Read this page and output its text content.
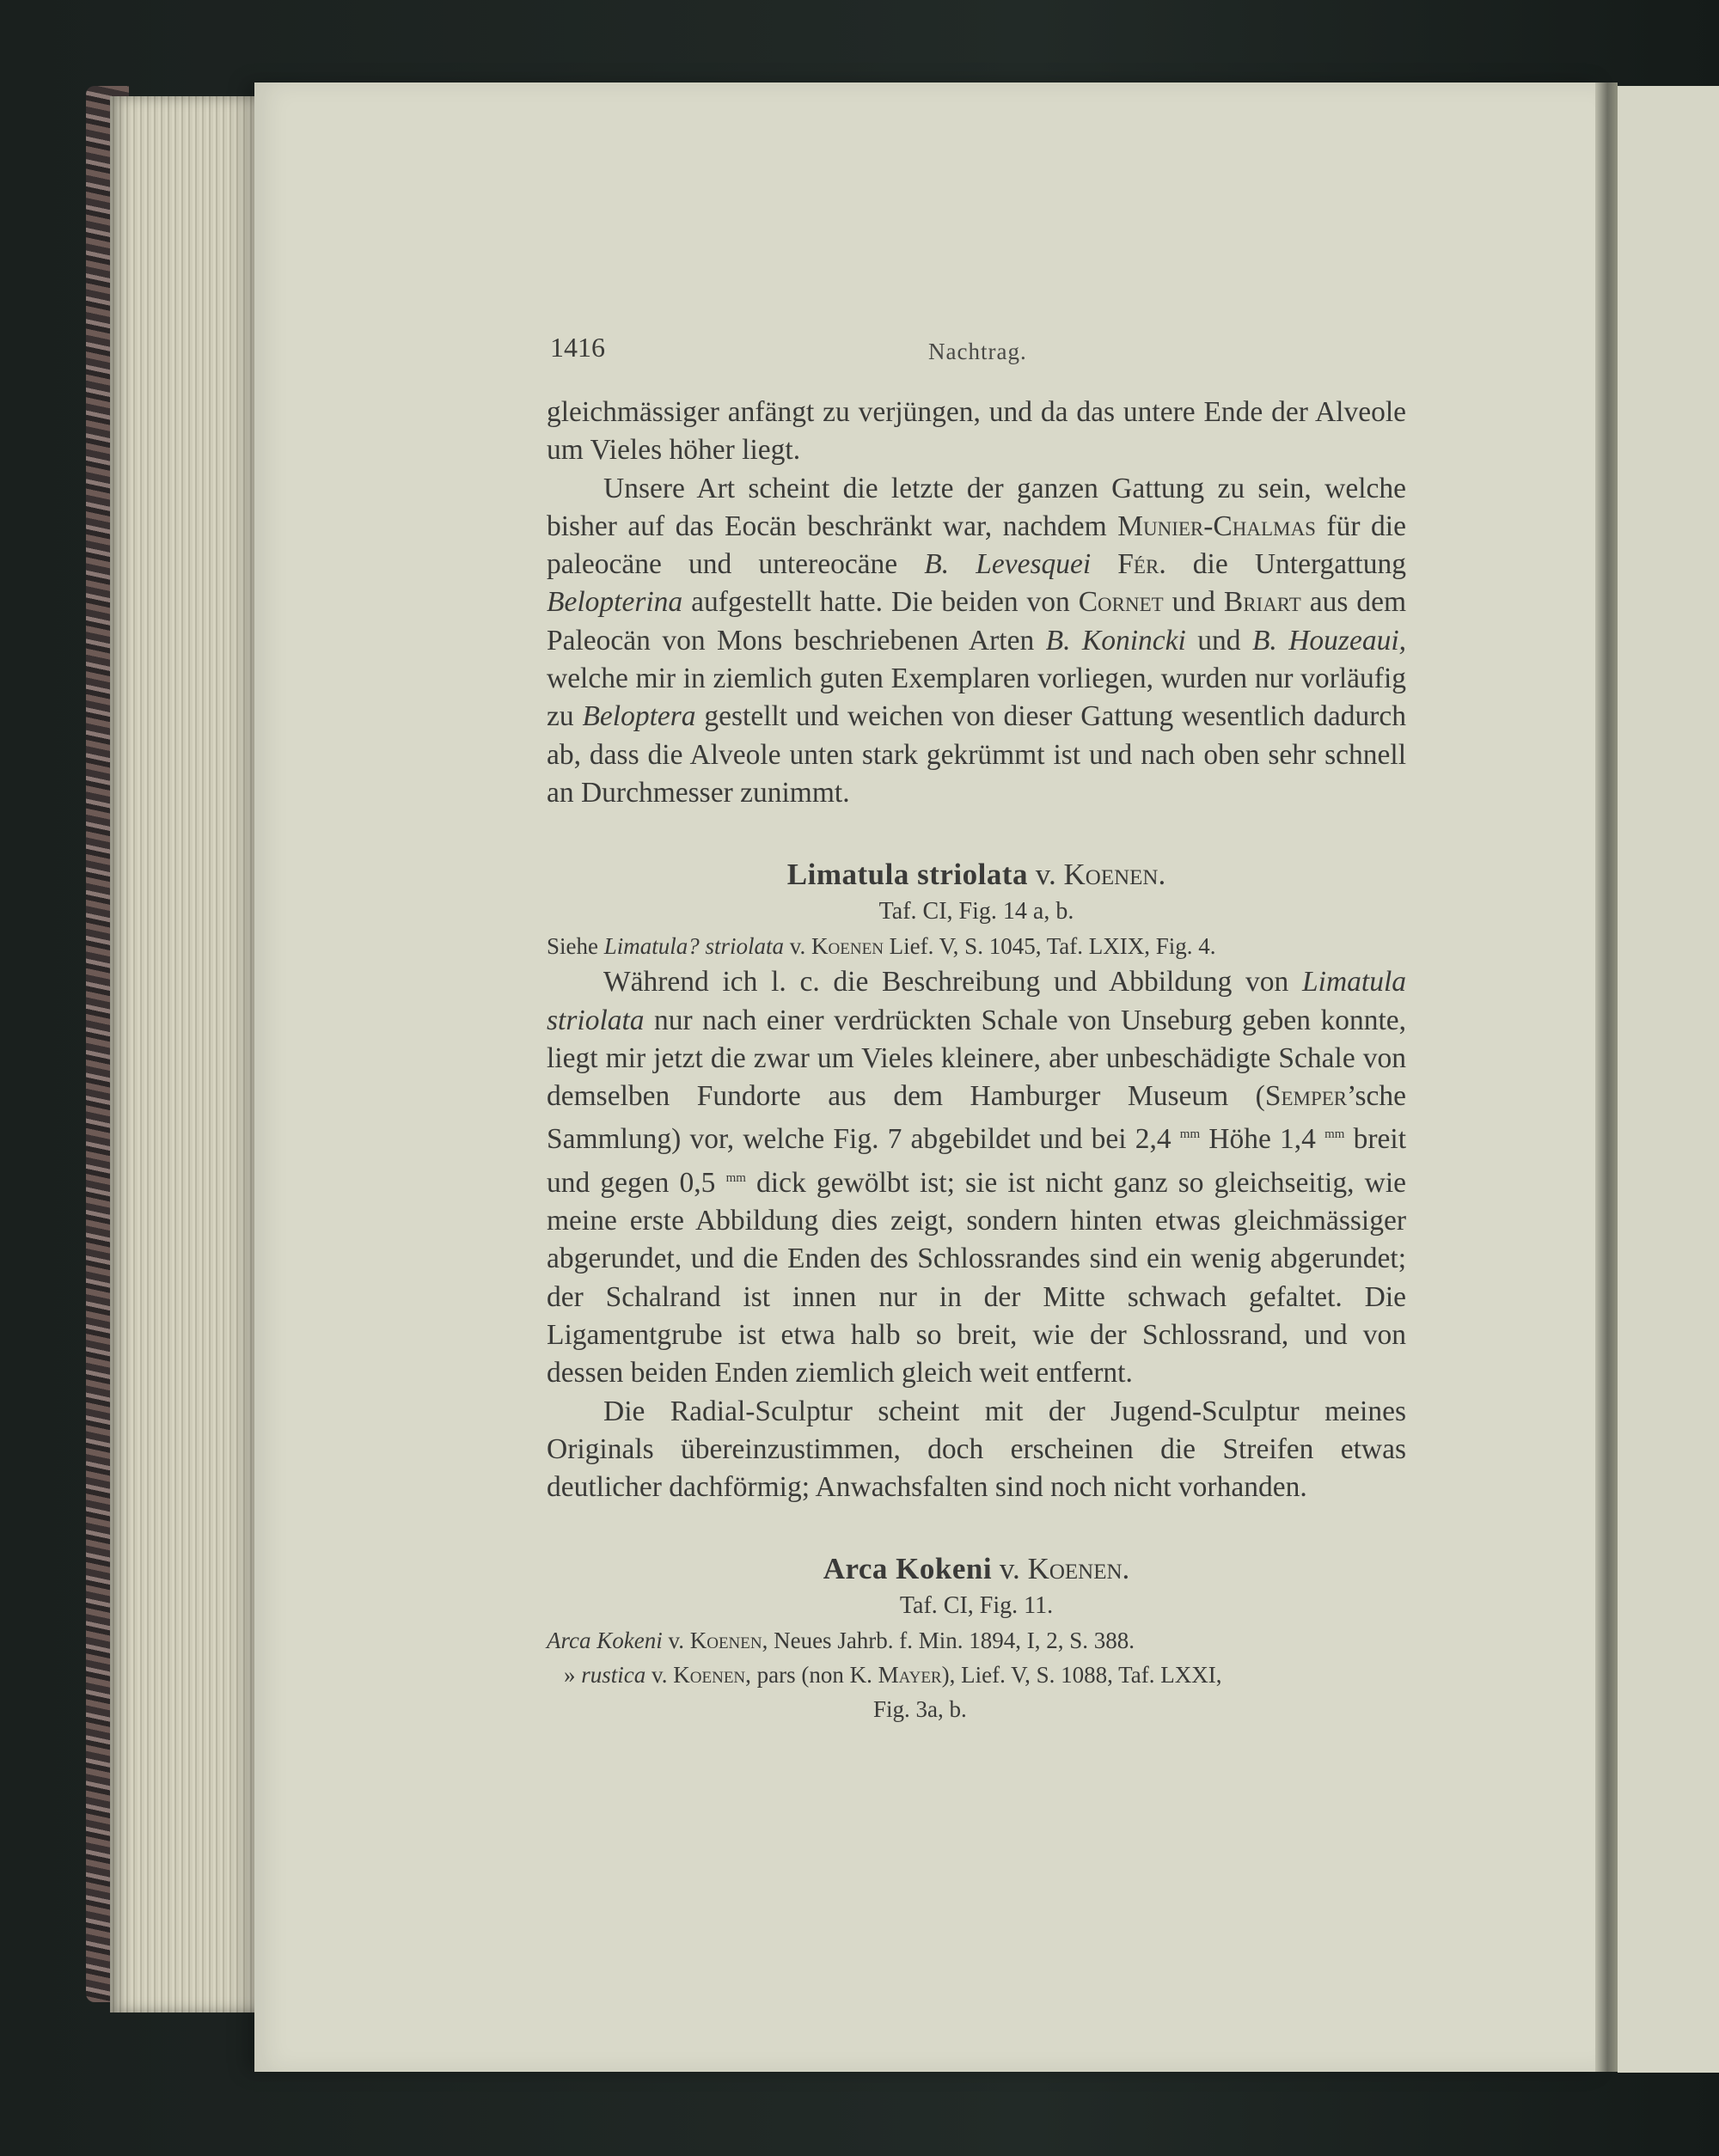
1416	Nachtrag.

gleichmässiger anfängt zu verjüngen, und da das untere Ende der Alveole um Vieles höher liegt.

Unsere Art scheint die letzte der ganzen Gattung zu sein, welche bisher auf das Eocän beschränkt war, nachdem Munier-Chalmas für die paleocäne und untereocäne B. Levesquei Fér. die Untergattung Belopterina aufgestellt hatte. Die beiden von Cornet und Briart aus dem Paleocän von Mons beschriebenen Arten B. Konincki und B. Houzeaui, welche mir in ziemlich guten Exemplaren vorliegen, wurden nur vorläufig zu Beloptera gestellt und weichen von dieser Gattung wesentlich dadurch ab, dass die Alveole unten stark gekrümmt ist und nach oben sehr schnell an Durchmesser zunimmt.

Limatula striolata v. Koenen.

Taf. CI, Fig. 14 a, b.

Siehe Limatula? striolata v. Koenen Lief. V, S. 1045, Taf. LXIX, Fig. 4.

Während ich l. c. die Beschreibung und Abbildung von Limatula striolata nur nach einer verdrückten Schale von Unseburg geben konnte, liegt mir jetzt die zwar um Vieles kleinere, aber unbeschädigte Schale von demselben Fundorte aus dem Hamburger Museum (Semper’sche Sammlung) vor, welche Fig. 7 abgebildet und bei 2,4 $^{mm}$ Höhe 1,4 $^{mm}$ breit und gegen 0,5 $^{mm}$ dick gewölbt ist; sie ist nicht ganz so gleichseitig, wie meine erste Abbildung dies zeigt, sondern hinten etwas gleichmässiger abgerundet, und die Enden des Schlossrandes sind ein wenig abgerundet; der Schalrand ist innen nur in der Mitte schwach gefaltet. Die Ligamentgrube ist etwa halb so breit, wie der Schlossrand, und von dessen beiden Enden ziemlich gleich weit entfernt.

Die Radial-Sculptur scheint mit der Jugend-Sculptur meines Originals übereinzustimmen, doch erscheinen die Streifen etwas deutlicher dachförmig; Anwachsfalten sind noch nicht vorhanden.

Arca Kokeni v. Koenen.

Taf. CI, Fig. 11.

Arca Kokeni v. Koenen, Neues Jahrb. f. Min. 1894, I, 2, S. 388.

» rustica v. Koenen, pars (non K. Mayer), Lief. V, S. 1088, Taf. LXXI,

Fig. 3a, b.
